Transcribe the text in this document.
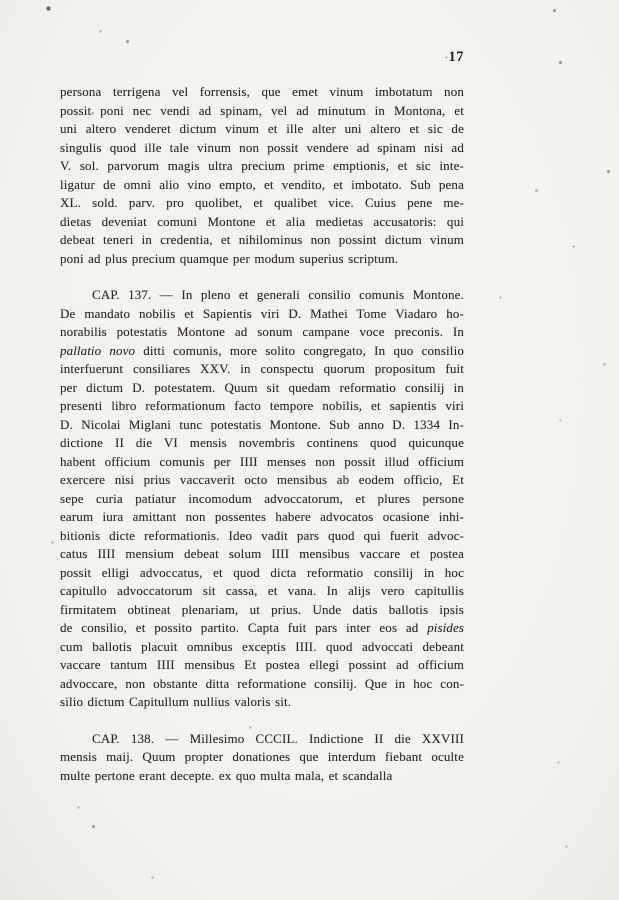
17
persona terrigena vel forrensis, que emet vinum imbotatum non
possit poni nec vendi ad spinam, vel ad minutum in Montona, et
uni altero venderet dictum vinum et ille alter uni altero et sic de
singulis quod ille tale vinum non possit vendere ad spinam nisi ad
V. sol. parvorum magis ultra precium prime emptionis, et sic inte-
ligatur de omni alio vino empto, et vendito, et imbotato. Sub pena
XL. sold. parv. pro quolibet, et qualibet vice. Cuius pene me-
dietas deveniat comuni Montone et alia medietas accusatoris: qui
debeat teneri in credentia, et nihilominus non possint dictum vinum
poni ad plus precium quamque per modum superius scriptum.
CAP. 137. — In pleno et generali consilio comunis Montone.
De mandato nobilis et Sapientis viri D. Mathei Tome Viadaro ho-
norabilis potestatis Montone ad sonum campane voce preconis. In
pallatio novo ditti comunis, more solito congregato, In quo consilio
interfuerunt consiliares XXV. in conspectu quorum propositum fuit
per dictum D. potestatem. Quum sit quedam reformatio consilij in
presenti libro reformationum facto tempore nobilis, et sapientis viri
D. Nicolai Miglani tunc potestatis Montone. Sub anno D. 1334 In-
dictione II die VI mensis novembris continens quod quicunque
habent officium comunis per IIII menses non possit illud officium
exercere nisi prius vaccaverit octo mensibus ab eodem officio, Et
sepe curia patiatur incomodum advoccatorum, et plures persone
earum iura amittant non possentes habere advocatos ocasione inhi-
bitionis dicte reformationis. Ideo vadit pars quod qui fuerit advoc-
catus IIII mensium debeat solum IIII mensibus vaccare et postea
possit elligi advoccatus, et quod dicta reformatio consilij in hoc
capitullo advoccatorum sit cassa, et vana. In alijs vero capitullis
firmitatem obtineat plenariam, ut prius. Unde datis ballotis ipsis
de consilio, et possito partito. Capta fuit pars inter eos ad pisides
cum ballotis placuit omnibus exceptis IIII. quod advoccati debeant
vaccare tantum IIII mensibus Et postea ellegi possint ad officium
advoccare, non obstante ditta reformatione consilij. Que in hoc con-
silio dictum Capitullum nullius valoris sit.
CAP. 138. — Millesimo CCCIL. Indictione II die XXVIII
mensis maij. Quum propter donationes que interdum fiebant oculte
multe pertone erant decepte. ex quo multa mala, et scandalla
